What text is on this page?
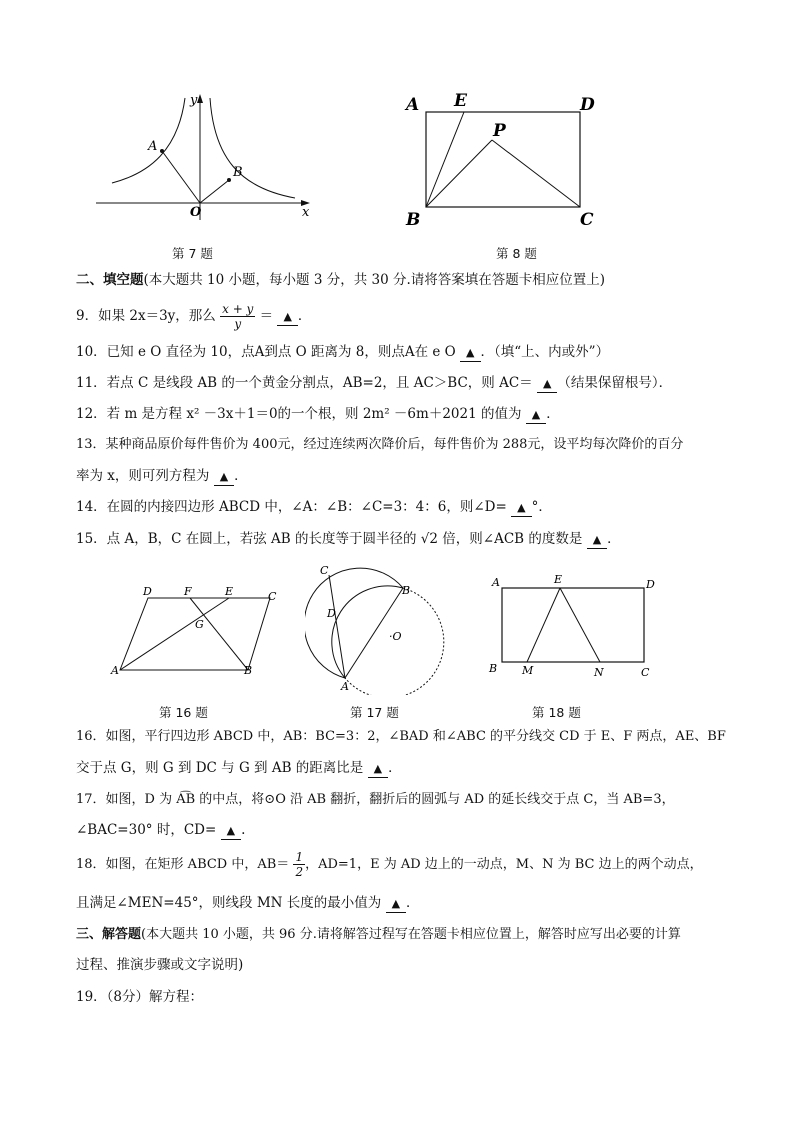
y
x
A
B
O
第 7 题
A E	D
P
B	C
第 8 题
二、填空题(本大题共 10 小题，每小题 3 分，共 30 分.请将答案填在答题卡相应位置上)
9．如果 2x＝3y，那么 $\frac{x + y}{y}$ ＝ ▲ ．
10．已知 e O 直径为 10，点A到点 O 距离为 8，则点A在 e O ▲ ．（填“上、内或外”）
11．若点 C 是线段 AB 的一个黄金分割点，AB=2，且 AC＞BC，则 AC＝ ▲ （结果保留根号）．
12．若 m 是方程 x² －3x＋1＝0的一个根，则 2m² －6m＋2021 的值为 ▲ ．
13．某种商品原价每件售价为 400元，经过连续两次降价后，每件售价为 288元，设平均每次降价的百分
率为 x，则可列方程为 ▲ ．
14．在圆的内接四边形 ABCD 中，∠A：∠B：∠C=3：4：6，则∠D= ▲ °．
15．点 A，B，C 在圆上，若弦 AB 的长度等于圆半径的 √2 倍，则∠ACB 的度数是 ▲ ．
D	F	E	C
G
A	B
第 16 题
C
B
D
·O
A
第 17 题
A	E	D
B M	N	C
第 18 题
16．如图，平行四边形 ABCD 中，AB：BC=3：2，∠BAD 和∠ABC 的平分线交 CD 于 E、F 两点，AE、BF
交于点 G，则 G 到 DC 与 G 到 AB 的距离比是 ▲ ．
17．如图，D 为 A͡B 的中点，将⊙O 沿 AB 翻折，翻折后的圆弧与 AD 的延长线交于点 C，当 AB=3，
∠BAC=30° 时，CD= ▲ .
18．如图，在矩形 ABCD 中，$AB= \frac{1}{2}$ ，AD=1，E 为 AD 边上的一动点，M、N 为 BC 边上的两个动点，
且满足∠MEN=45°，则线段 MN 长度的最小值为 ▲ ．
三、解答题(本大题共 10 小题，共 96 分.请将解答过程写在答题卡相应位置上，解答时应写出必要的计算
过程、推演步骤或文字说明)
19．（8分）解方程：
